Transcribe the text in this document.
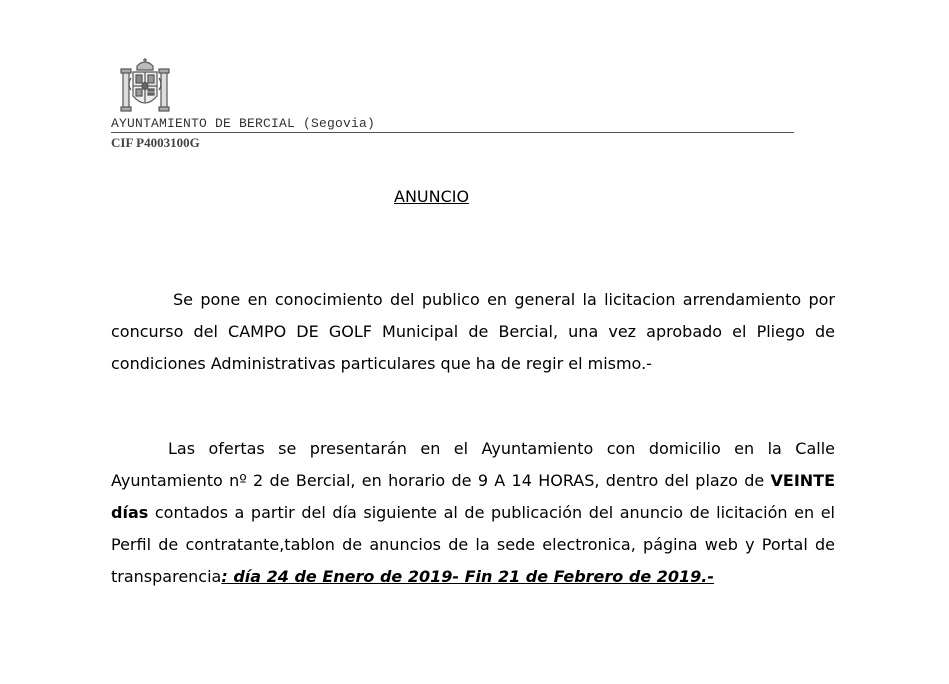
AYUNTAMIENTO DE BERCIAL (Segovia)
CIF P4003100G
ANUNCIO

Se pone en conocimiento del publico en general la licitacion arrendamiento por concurso del CAMPO DE GOLF Municipal de Bercial, una vez aprobado el Pliego de condiciones Administrativas particulares que ha de regir el mismo.-

Las ofertas se presentarán en el Ayuntamiento con domicilio en la Calle Ayuntamiento nº 2 de Bercial, en horario de 9 A 14 HORAS, dentro del plazo de VEINTE días contados a partir del día siguiente al de publicación del anuncio de licitación en el Perfil de contratante,tablon de anuncios de la sede electronica, página web y Portal de transparencia: día 24 de Enero de 2019- Fin 21 de Febrero de 2019.-
